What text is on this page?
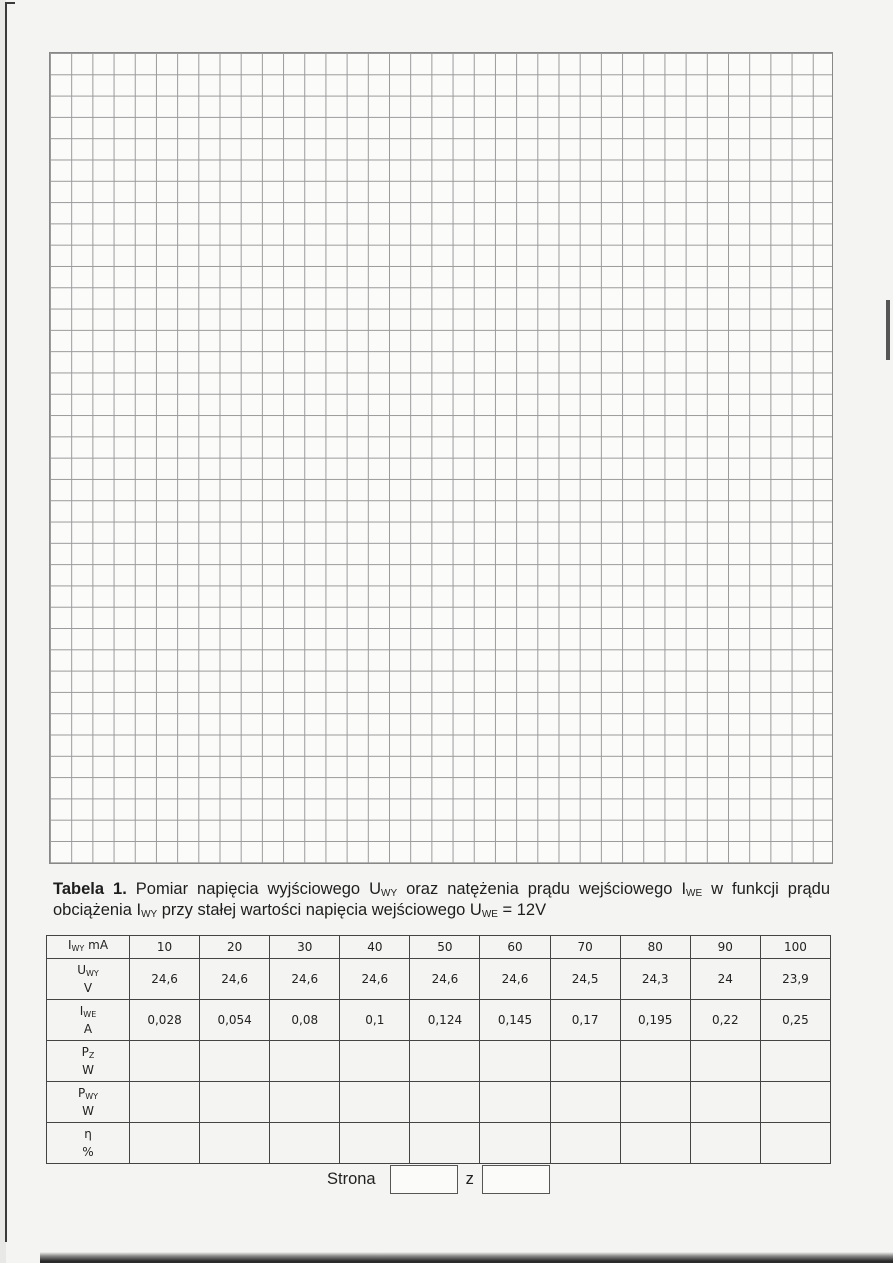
Tabela 1. Pomiar napięcia wyjściowego $U_{WY}$ oraz natężenia prądu wejściowego $I_{WE}$ w funkcji prądu obciążenia $I_{WY}$ przy stałej wartości napięcia wejściowego $U_{WE} = 12V$
$I_{WY}$ mA	10	20	30	40	50	60	70	80	90	100
$U_{WY}$
V	24,6	24,6	24,6	24,6	24,6	24,6	24,5	24,3	24	23,9
$I_{WE}$
A	0,028	0,054	0,08	0,1	0,124	0,145	0,17	0,195	0,22	0,25
$P_Z$
W										
$P_{WY}$
W										
η
%										
Strona	z
